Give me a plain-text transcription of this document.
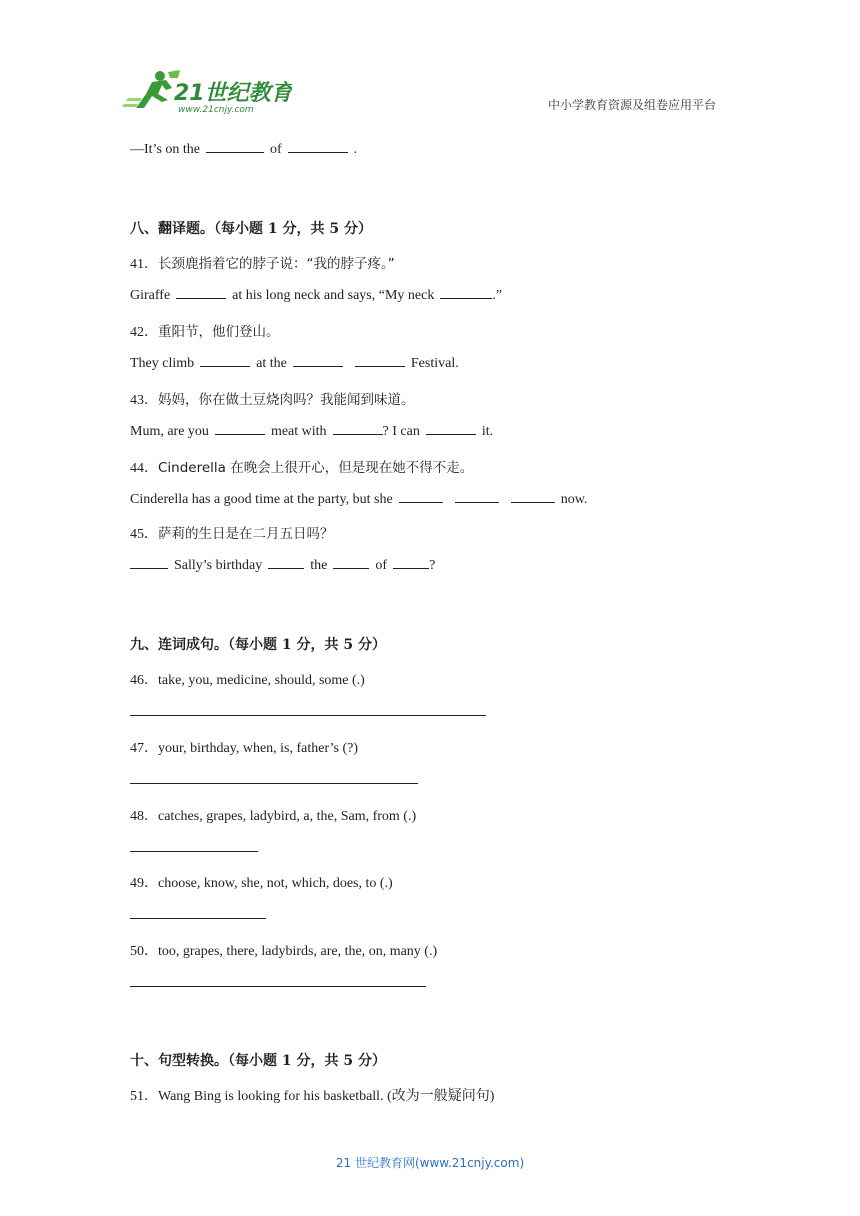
21世纪教育
www.21cnjy.com	中小学教育资源及组卷应用平台
—It’s on the	of	.
八、翻译题。（每小题 1 分，共 5 分）
41．长颈鹿指着它的脖子说：“我的脖子疼。”
Giraffe	at his long neck and says, “My neck	.”
42．重阳节，他们登山。
They climb	at the	Festival.
43．妈妈，你在做土豆烧肉吗？我能闻到味道。
Mum, are you	meat with	? I can	it.
44．Cinderella 在晚会上很开心，但是现在她不得不走。
Cinderella has a good time at the party, but she	now.
45．萨莉的生日是在二月五日吗？
Sally’s birthday	the	of	?
九、连词成句。（每小题 1 分，共 5 分）
46．take, you, medicine, should, some (.)
47．your, birthday, when, is, father’s (?)
48．catches, grapes, ladybird, a, the, Sam, from (.)
49．choose, know, she, not, which, does, to (.)
50．too, grapes, there, ladybirds, are, the, on, many (.)
十、句型转换。（每小题 1 分，共 5 分）
51．Wang Bing is looking for his basketball. (改为一般疑问句)
21 世纪教育网(www.21cnjy.com)
